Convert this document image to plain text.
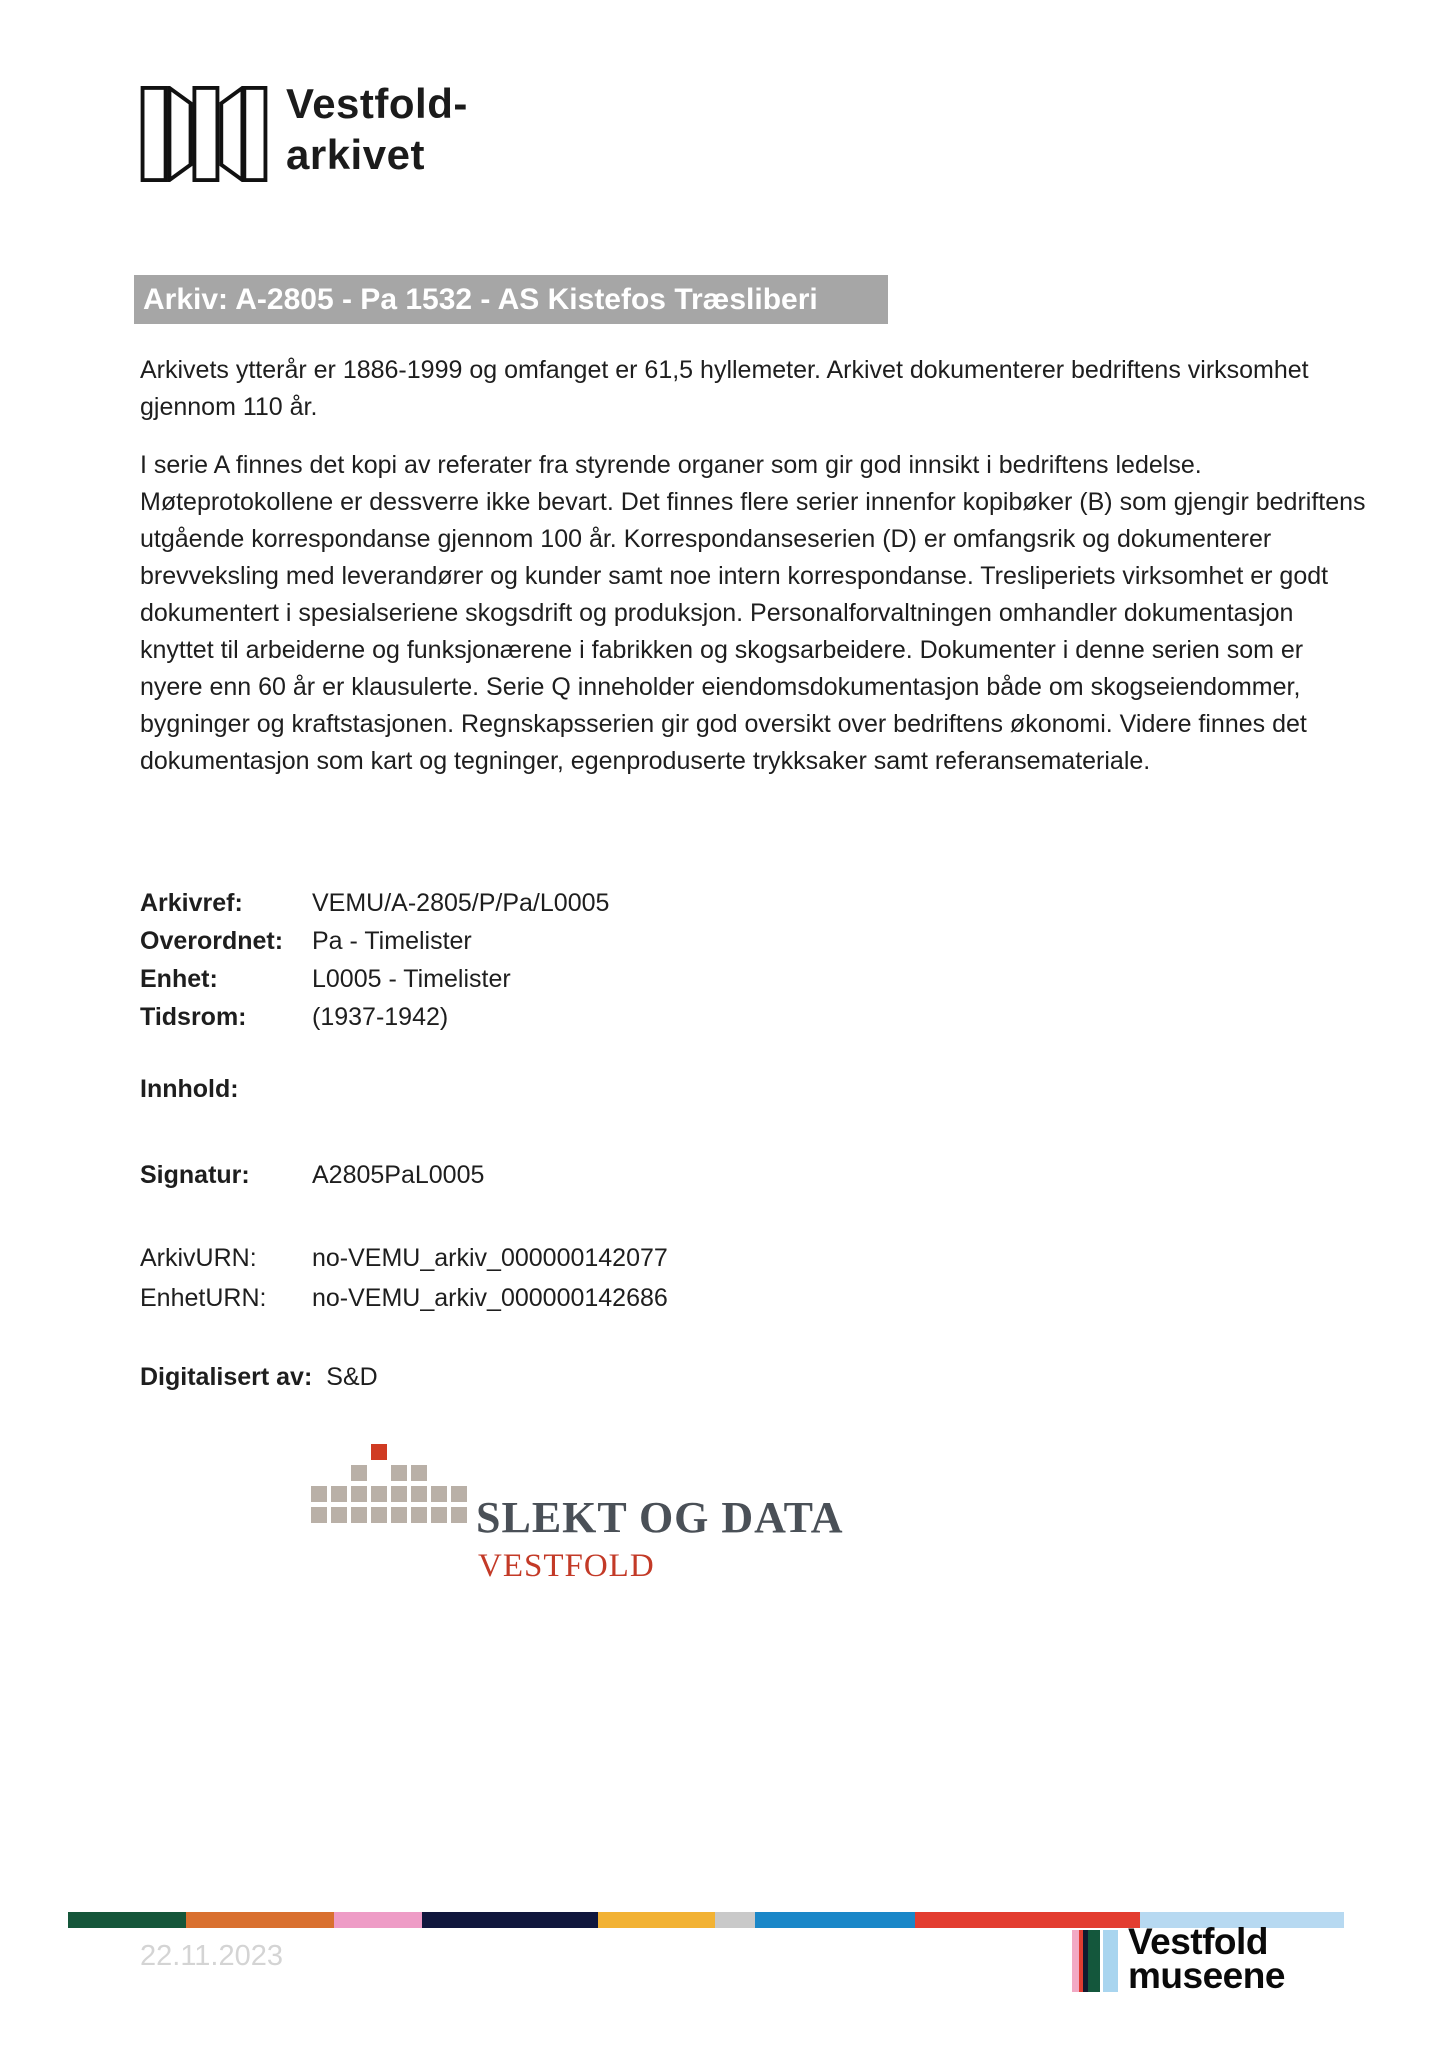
Vestfold-
arkivet
Arkiv: A-2805 - Pa 1532 - AS Kistefos Træsliberi

Arkivets ytterår er 1886-1999 og omfanget er 61,5 hyllemeter. Arkivet dokumenterer bedriftens virksomhet gjennom 110 år.

I serie A finnes det kopi av referater fra styrende organer som gir god innsikt i bedriftens ledelse. Møteprotokollene er dessverre ikke bevart. Det finnes flere serier innenfor kopibøker (B) som gjengir bedriftens utgående korrespondanse gjennom 100 år. Korrespondanseserien (D) er omfangsrik og dokumenterer brevveksling med leverandører og kunder samt noe intern korrespondanse. Tresliperiets virksomhet er godt dokumentert i spesialseriene skogsdrift og produksjon. Personalforvaltningen omhandler dokumentasjon knyttet til arbeiderne og funksjonærene i fabrikken og skogsarbeidere. Dokumenter i denne serien som er nyere enn 60 år er klausulerte. Serie Q inneholder eiendomsdokumentasjon både om skogseiendommer, bygninger og kraftstasjonen. Regnskapsserien gir god oversikt over bedriftens økonomi. Videre finnes det dokumentasjon som kart og tegninger, egenproduserte trykksaker samt referansemateriale.

Arkivref:	VEMU/A-2805/P/Pa/L0005
Overordnet:	Pa - Timelister
Enhet:	L0005 - Timelister
Tidsrom:	(1937-1942)
Innhold:
Signatur:	A2805PaL0005
ArkivURN:	no-VEMU_arkiv_000000142077
EnhetURN:	no-VEMU_arkiv_000000142686
Digitalisert av: S&D
SLEKT OG DATA
VESTFOLD
22.11.2023	Vestfold
museene
